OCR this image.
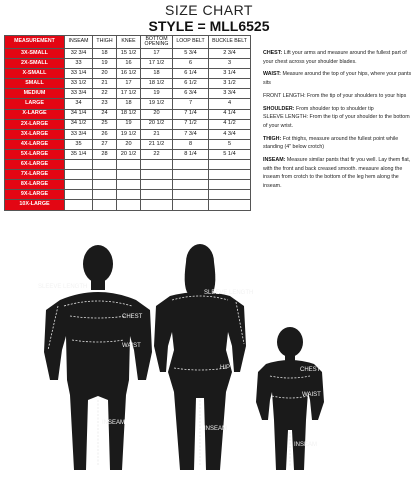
SIZE CHART
STYLE = MLL6525
MEASUREMENT	INSEAM	THIGH	KNEE	BOTTOM OPENING	LOOP BELT	BUCKLE BELT
3X-SMALL	32 3/4	18	15 1/2	17	5 3/4	2 3/4
2X-SMALL	33	19	16	17 1/2	6	3
X-SMALL	33 1/4	20	16 1/2	18	6 1/4	3 1/4
SMALL	33 1/2	21	17	18 1/2	6 1/2	3 1/2
MEDIUM	33 3/4	22	17 1/2	19	6 3/4	3 3/4
LARGE	34	23	18	19 1/2	7	4
X-LARGE	34 1/4	24	18 1/2	20	7 1/4	4 1/4
2X-LARGE	34 1/2	25	19	20 1/2	7 1/2	4 1/2
3X-LARGE	33 3/4	26	19 1/2	21	7 3/4	4 3/4
4X-LARGE	35	27	20	21 1/2	8	5
5X-LARGE	35 1/4	28	20 1/2	22	8 1/4	5 1/4
6X-LARGE						
7X-LARGE						
8X-LARGE						
9X-LARGE						
10X-LARGE						

CHEST: Lift your arms and measure around the fullest part of your chest across your shoulder blades.

WAIST: Measure around the top of your hips, where your pants sits

FRONT LENGTH: From the tip of your shoulders to your hips

SHOULDER: From shoulder top to shoulder tip

SLEEVE LENGTH: From the tip of your shoulder to the bottom of your wrist.

THIGH: Fot thighs, measure around the fullest point while standing (4" below crotch)

INSEAM: Measure similar pants that fir you well. Lay them flat, with the front and back creased smooth. measure along the inseam from crotch to the bottom of the leg hem along the inseam.

SLEEVE LENGTH
CHEST
WAIST
INSEAM
SLEEVE LENGTH
HIP
INSEAM
CHEST
WAIST
INSEAM
